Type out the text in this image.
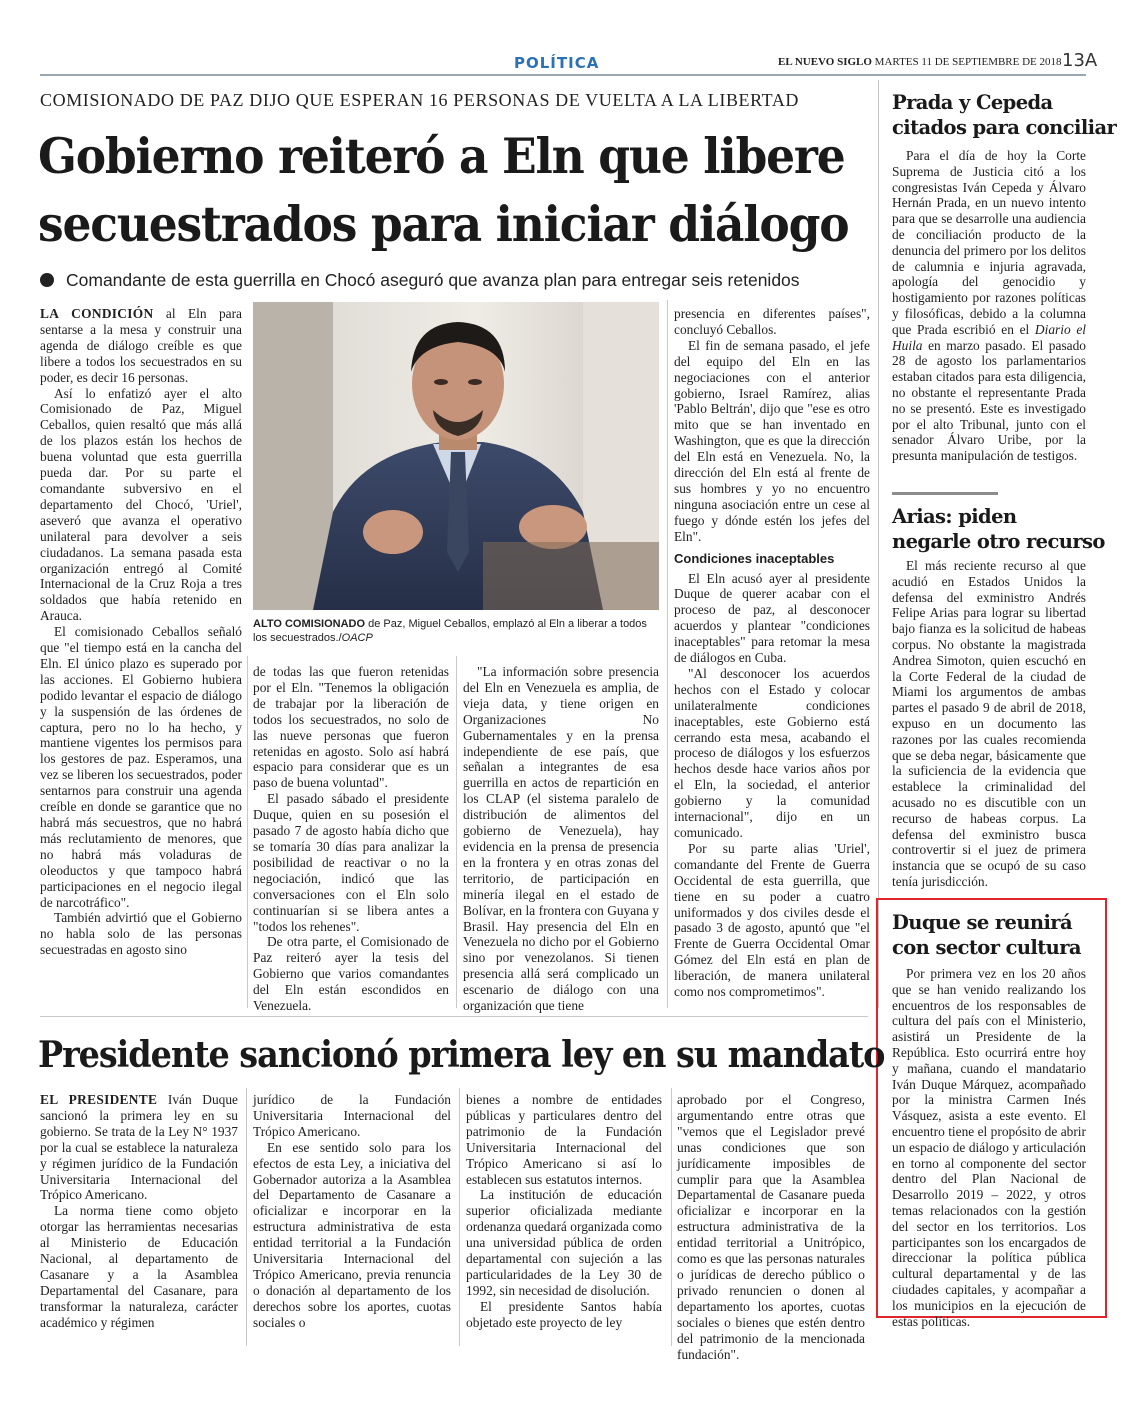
POLÍTICA	EL NUEVO SIGLO MARTES 11 DE SEPTIEMBRE DE 2018 13A
COMISIONADO DE PAZ DIJO QUE ESPERAN 16 PERSONAS DE VUELTA A LA LIBERTAD
Gobierno reiteró a Eln que libere
secuestrados para iniciar diálogo
Comandante de esta guerrilla en Chocó aseguró que avanza plan para entregar seis retenidos

LA CONDICIÓN al Eln para sentarse a la mesa y construir una agenda de diálogo creíble es que libere a todos los secuestrados en su poder, es decir 16 personas.

Así lo enfatizó ayer el alto Comisionado de Paz, Miguel Ceballos, quien resaltó que más allá de los plazos están los hechos de buena voluntad que esta guerrilla pueda dar. Por su parte el comandante subversivo en el departamento del Chocó, 'Uriel', aseveró que avanza el operativo unilateral para devolver a seis ciudadanos. La semana pasada esta organización entregó al Comité Internacional de la Cruz Roja a tres soldados que había retenido en Arauca.

El comisionado Ceballos señaló que "el tiempo está en la cancha del Eln. El único plazo es superado por las acciones. El Gobierno hubiera podido levantar el espacio de diálogo y la suspensión de las órdenes de captura, pero no lo ha hecho, y mantiene vigentes los permisos para los gestores de paz. Esperamos, una vez se liberen los secuestrados, poder sentarnos para construir una agenda creíble en donde se garantice que no habrá más secuestros, que no habrá más reclutamiento de menores, que no habrá más voladuras de oleoductos y que tampoco habrá participaciones en el negocio ilegal de narcotráfico".

También advirtió que el Gobierno no habla solo de las personas secuestradas en agosto sino

ALTO COMISIONADO de Paz, Miguel Ceballos, emplazó al Eln a liberar a todos los secuestrados./OACP

de todas las que fueron retenidas por el Eln. "Tenemos la obligación de trabajar por la liberación de todos los secuestrados, no solo de las nueve personas que fueron retenidas en agosto. Solo así habrá espacio para considerar que es un paso de buena voluntad".

El pasado sábado el presidente Duque, quien en su posesión el pasado 7 de agosto había dicho que se tomaría 30 días para analizar la posibilidad de reactivar o no la negociación, indicó que las conversaciones con el Eln solo continuarían si se libera antes a "todos los rehenes".

De otra parte, el Comisionado de Paz reiteró ayer la tesis del Gobierno que varios comandantes del Eln están escondidos en Venezuela.

"La información sobre presencia del Eln en Venezuela es amplia, de vieja data, y tiene origen en Organizaciones No Gubernamentales y en la prensa independiente de ese país, que señalan a integrantes de esa guerrilla en actos de repartición en los CLAP (el sistema paralelo de distribución de alimentos del gobierno de Venezuela), hay evidencia en la prensa de presencia en la frontera y en otras zonas del territorio, de participación en minería ilegal en el estado de Bolívar, en la frontera con Guyana y Brasil. Hay presencia del Eln en Venezuela no dicho por el Gobierno sino por venezolanos. Si tienen presencia allá será complicado un escenario de diálogo con una organización que tiene

presencia en diferentes países", concluyó Ceballos.

El fin de semana pasado, el jefe del equipo del Eln en las negociaciones con el anterior gobierno, Israel Ramírez, alias 'Pablo Beltrán', dijo que "ese es otro mito que se han inventado en Washington, que es que la dirección del Eln está en Venezuela. No, la dirección del Eln está al frente de sus hombres y yo no encuentro ninguna asociación entre un cese al fuego y dónde estén los jefes del Eln".

Condiciones inaceptables

El Eln acusó ayer al presidente Duque de querer acabar con el proceso de paz, al desconocer acuerdos y plantear "condiciones inaceptables" para retomar la mesa de diálogos en Cuba.

"Al desconocer los acuerdos hechos con el Estado y colocar unilateralmente condiciones inaceptables, este Gobierno está cerrando esta mesa, acabando el proceso de diálogos y los esfuerzos hechos desde hace varios años por el Eln, la sociedad, el anterior gobierno y la comunidad internacional", dijo en un comunicado.

Por su parte alias 'Uriel', comandante del Frente de Guerra Occidental de esta guerrilla, que tiene en su poder a cuatro uniformados y dos civiles desde el pasado 3 de agosto, apuntó que "el Frente de Guerra Occidental Omar Gómez del Eln está en plan de liberación, de manera unilateral como nos comprometimos".

Prada y Cepeda
citados para conciliar

Para el día de hoy la Corte Suprema de Justicia citó a los congresistas Iván Cepeda y Álvaro Hernán Prada, en un nuevo intento para que se desarrolle una audiencia de conciliación producto de la denuncia del primero por los delitos de calumnia e injuria agravada, apología del genocidio y hostigamiento por razones políticas y filosóficas, debido a la columna que Prada escribió en el Diario el Huila en marzo pasado. El pasado 28 de agosto los parlamentarios estaban citados para esta diligencia, no obstante el representante Prada no se presentó. Este es investigado por el alto Tribunal, junto con el senador Álvaro Uribe, por la presunta manipulación de testigos.

Arias: piden
negarle otro recurso

El más reciente recurso al que acudió en Estados Unidos la defensa del exministro Andrés Felipe Arias para lograr su libertad bajo fianza es la solicitud de habeas corpus. No obstante la magistrada Andrea Simoton, quien escuchó en la Corte Federal de la ciudad de Miami los argumentos de ambas partes el pasado 9 de abril de 2018, expuso en un documento las razones por las cuales recomienda que se deba negar, básicamente que la suficiencia de la evidencia que establece la criminalidad del acusado no es discutible con un recurso de habeas corpus. La defensa del exministro busca controvertir si el juez de primera instancia que se ocupó de su caso tenía jurisdicción.

Duque se reunirá
con sector cultura

Por primera vez en los 20 años que se han venido realizando los encuentros de los responsables de cultura del país con el Ministerio, asistirá un Presidente de la República. Esto ocurrirá entre hoy y mañana, cuando el mandatario Iván Duque Márquez, acompañado por la ministra Carmen Inés Vásquez, asista a este evento. El encuentro tiene el propósito de abrir un espacio de diálogo y articulación en torno al componente del sector dentro del Plan Nacional de Desarrollo 2019 – 2022, y otros temas relacionados con la gestión del sector en los territorios. Los participantes son los encargados de direccionar la política pública cultural departamental y de las ciudades capitales, y acompañar a los municipios en la ejecución de estas políticas.

Presidente sancionó primera ley en su mandato

EL PRESIDENTE Iván Duque sancionó la primera ley en su gobierno. Se trata de la Ley N° 1937 por la cual se establece la naturaleza y régimen jurídico de la Fundación Universitaria Internacional del Trópico Americano.

La norma tiene como objeto otorgar las herramientas necesarias al Ministerio de Educación Nacional, al departamento de Casanare y a la Asamblea Departamental del Casanare, para transformar la naturaleza, carácter académico y régimen

jurídico de la Fundación Universitaria Internacional del Trópico Americano.

En ese sentido solo para los efectos de esta Ley, a iniciativa del Gobernador autoriza a la Asamblea del Departamento de Casanare a oficializar e incorporar en la estructura administrativa de esta entidad territorial a la Fundación Universitaria Internacional del Trópico Americano, previa renuncia o donación al departamento de los derechos sobre los aportes, cuotas sociales o

bienes a nombre de entidades públicas y particulares dentro del patrimonio de la Fundación Universitaria Internacional del Trópico Americano si así lo establecen sus estatutos internos.

La institución de educación superior oficializada mediante ordenanza quedará organizada como una universidad pública de orden departamental con sujeción a las particularidades de la Ley 30 de 1992, sin necesidad de disolución.

El presidente Santos había objetado este proyecto de ley

aprobado por el Congreso, argumentando entre otras que "vemos que el Legislador prevé unas condiciones que son jurídicamente imposibles de cumplir para que la Asamblea Departamental de Casanare pueda oficializar e incorporar en la estructura administrativa de la entidad territorial a Unitrópico, como es que las personas naturales o jurídicas de derecho público o privado renuncien o donen al departamento los aportes, cuotas sociales o bienes que estén dentro del patrimonio de la mencionada fundación".
